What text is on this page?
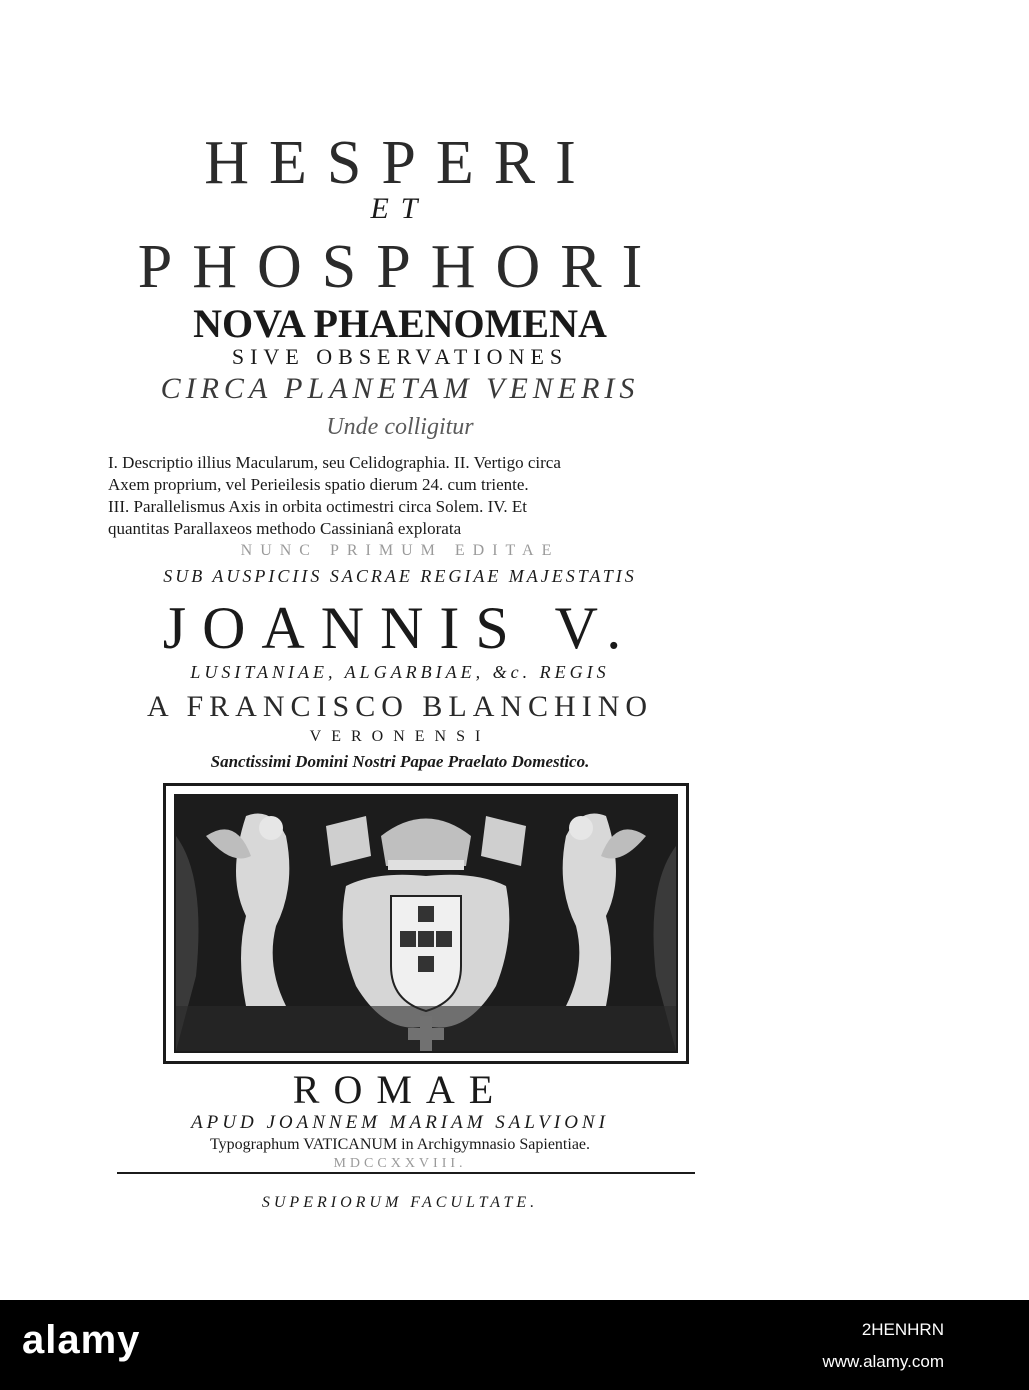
HESPERI
ET
PHOSPHORI
NOVA PHAENOMENA
SIVE OBSERVATIONES
CIRCA PLANETAM VENERIS
Unde colligitur
I. Descriptio illius Macularum, seu Celidographia. II. Vertigo circa
Axem proprium, vel Perieilesis spatio dierum 24. cum triente.
III. Parallelismus Axis in orbita octimestri circa Solem. IV. Et
quantitas Parallaxeos methodo Cassinianâ explorata
NUNC PRIMUM EDITAE
SUB AUSPICIIS SACRAE REGIAE MAJESTATIS
JOANNIS V.
LUSITANIAE, ALGARBIAE, &c. REGIS
A FRANCISCO BLANCHINO
VERONENSI
Sanctissimi Domini Nostri Papae Praelato Domestico.
ROMAE
APUD JOANNEM MARIAM SALVIONI
Typographum VATICANUM in Archigymnasio Sapientiae.
MDCCXXVIII.
SUPERIORUM FACULTATE.
alamy	2HENHRN
www.alamy.com
